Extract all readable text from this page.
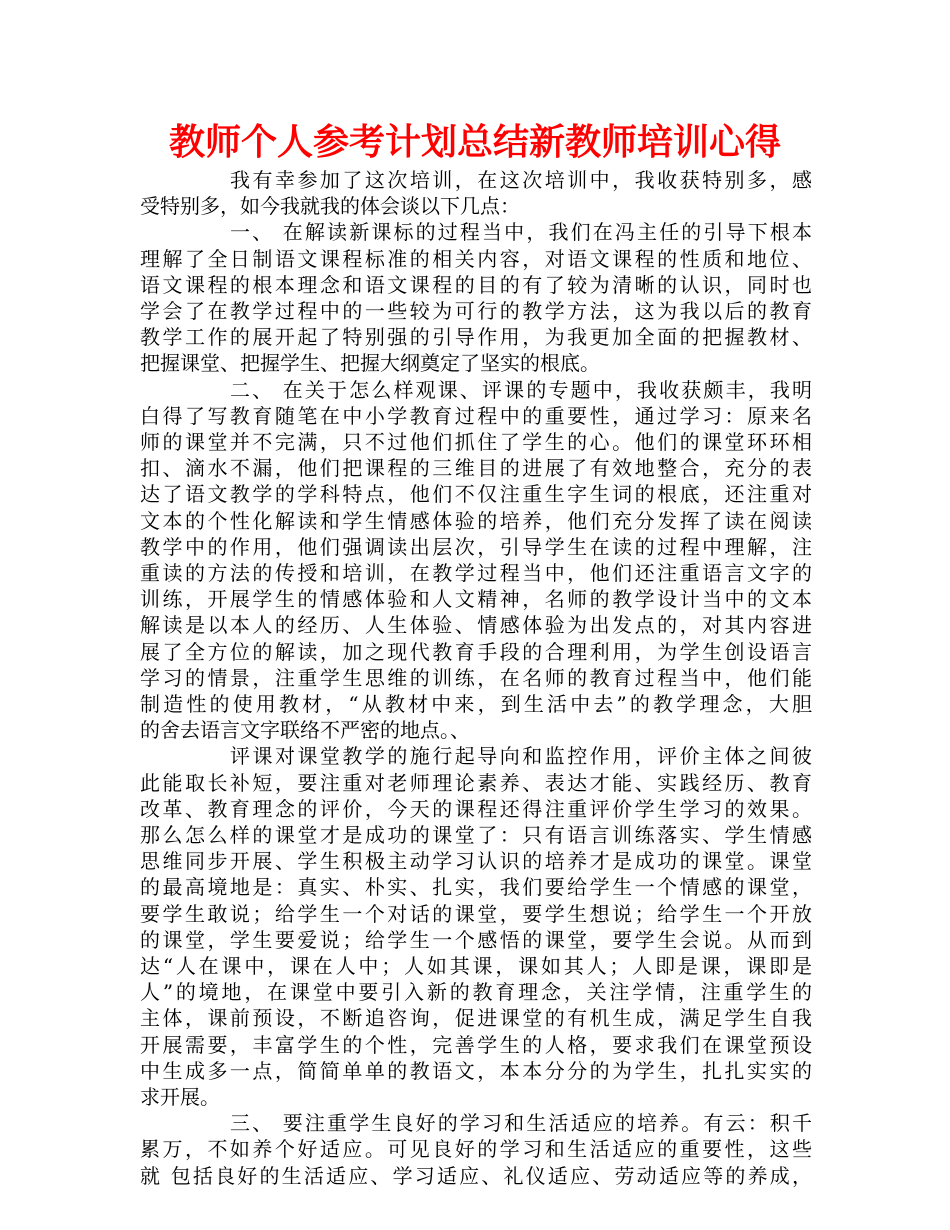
教师个人参考计划总结新教师培训心得
我有幸参加了这次培训，在这次培训中，我收获特别多，感
受特别多，如今我就我的体会谈以下几点：
一、 在解读新课标的过程当中，我们在冯主任的引导下根本
理解了全日制语文课程标准的相关内容，对语文课程的性质和地位、
语文课程的根本理念和语文课程的目的有了较为清晰的认识，同时也
学会了在教学过程中的一些较为可行的教学方法，这为我以后的教育
教学工作的展开起了特别强的引导作用，为我更加全面的把握教材、
把握课堂、把握学生、把握大纲奠定了坚实的根底。
二、 在关于怎么样观课、评课的专题中，我收获颇丰，我明
白得了写教育随笔在中小学教育过程中的重要性，通过学习：原来名
师的课堂并不完满，只不过他们抓住了学生的心。他们的课堂环环相
扣、滴水不漏，他们把课程的三维目的进展了有效地整合，充分的表
达了语文教学的学科特点，他们不仅注重生字生词的根底，还注重对
文本的个性化解读和学生情感体验的培养，他们充分发挥了读在阅读
教学中的作用，他们强调读出层次，引导学生在读的过程中理解，注
重读的方法的传授和培训，在教学过程当中，他们还注重语言文字的
训练，开展学生的情感体验和人文精神，名师的教学设计当中的文本
解读是以本人的经历、人生体验、情感体验为出发点的，对其内容进
展了全方位的解读，加之现代教育手段的合理利用，为学生创设语言
学习的情景，注重学生思维的训练，在名师的教育过程当中，他们能
制造性的使用教材，“从教材中来，到生活中去”的教学理念，大胆
的舍去语言文字联络不严密的地点。、
评课对课堂教学的施行起导向和监控作用，评价主体之间彼
此能取长补短，要注重对老师理论素养、表达才能、实践经历、教育
改革、教育理念的评价，今天的课程还得注重评价学生学习的效果。
那么怎么样的课堂才是成功的课堂了：只有语言训练落实、学生情感
思维同步开展、学生积极主动学习认识的培养才是成功的课堂。课堂
的最高境地是：真实、朴实、扎实，我们要给学生一个情感的课堂，
要学生敢说；给学生一个对话的课堂，要学生想说；给学生一个开放
的课堂，学生要爱说；给学生一个感悟的课堂，要学生会说。从而到
达“人在课中，课在人中；人如其课，课如其人；人即是课，课即是
人”的境地，在课堂中要引入新的教育理念，关注学情，注重学生的
主体，课前预设，不断追咨询，促进课堂的有机生成，满足学生自我
开展需要，丰富学生的个性，完善学生的人格，要求我们在课堂预设
中生成多一点，简简单单的教语文，本本分分的为学生，扎扎实实的
求开展。
三、 要注重学生良好的学习和生活适应的培养。有云：积千
累万，不如养个好适应。可见良好的学习和生活适应的重要性，这些
就 包括良好的生活适应、学习适应、礼仪适应、劳动适应等的养成，
